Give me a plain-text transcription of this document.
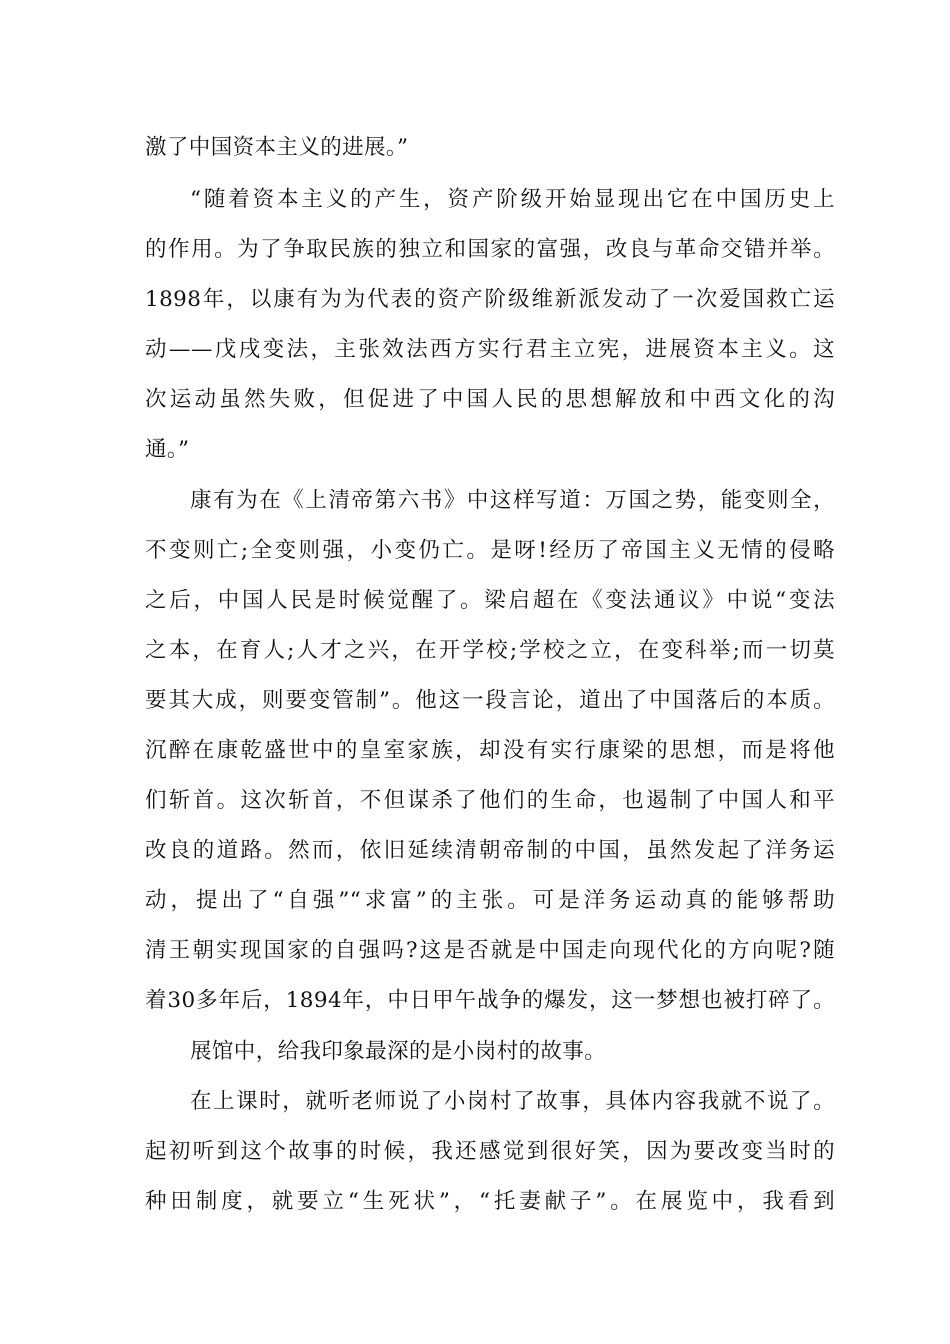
激了中国资本主义的进展。”
“随着资本主义的产生，资产阶级开始显现出它在中国历史上
的作用。为了争取民族的独立和国家的富强，改良与革命交错并举。
1898年，以康有为为代表的资产阶级维新派发动了一次爱国救亡运
动——戊戌变法，主张效法西方实行君主立宪，进展资本主义。这
次运动虽然失败，但促进了中国人民的思想解放和中西文化的沟
通。”
康有为在《上清帝第六书》中这样写道：万国之势，能变则全，
不变则亡;全变则强，小变仍亡。是呀!经历了帝国主义无情的侵略
之后，中国人民是时候觉醒了。梁启超在《变法通议》中说“变法
之本，在育人;人才之兴，在开学校;学校之立，在变科举;而一切莫
要其大成，则要变管制”。他这一段言论，道出了中国落后的本质。
沉醉在康乾盛世中的皇室家族，却没有实行康梁的思想，而是将他
们斩首。这次斩首，不但谋杀了他们的生命，也遏制了中国人和平
改良的道路。然而，依旧延续清朝帝制的中国，虽然发起了洋务运
动，提出了“自强”“求富”的主张。可是洋务运动真的能够帮助
清王朝实现国家的自强吗?这是否就是中国走向现代化的方向呢?随
着30多年后，1894年，中日甲午战争的爆发，这一梦想也被打碎了。
展馆中，给我印象最深的是小岗村的故事。
在上课时，就听老师说了小岗村了故事，具体内容我就不说了。
起初听到这个故事的时候，我还感觉到很好笑，因为要改变当时的
种田制度，就要立“生死状”，“托妻献子”。在展览中，我看到
